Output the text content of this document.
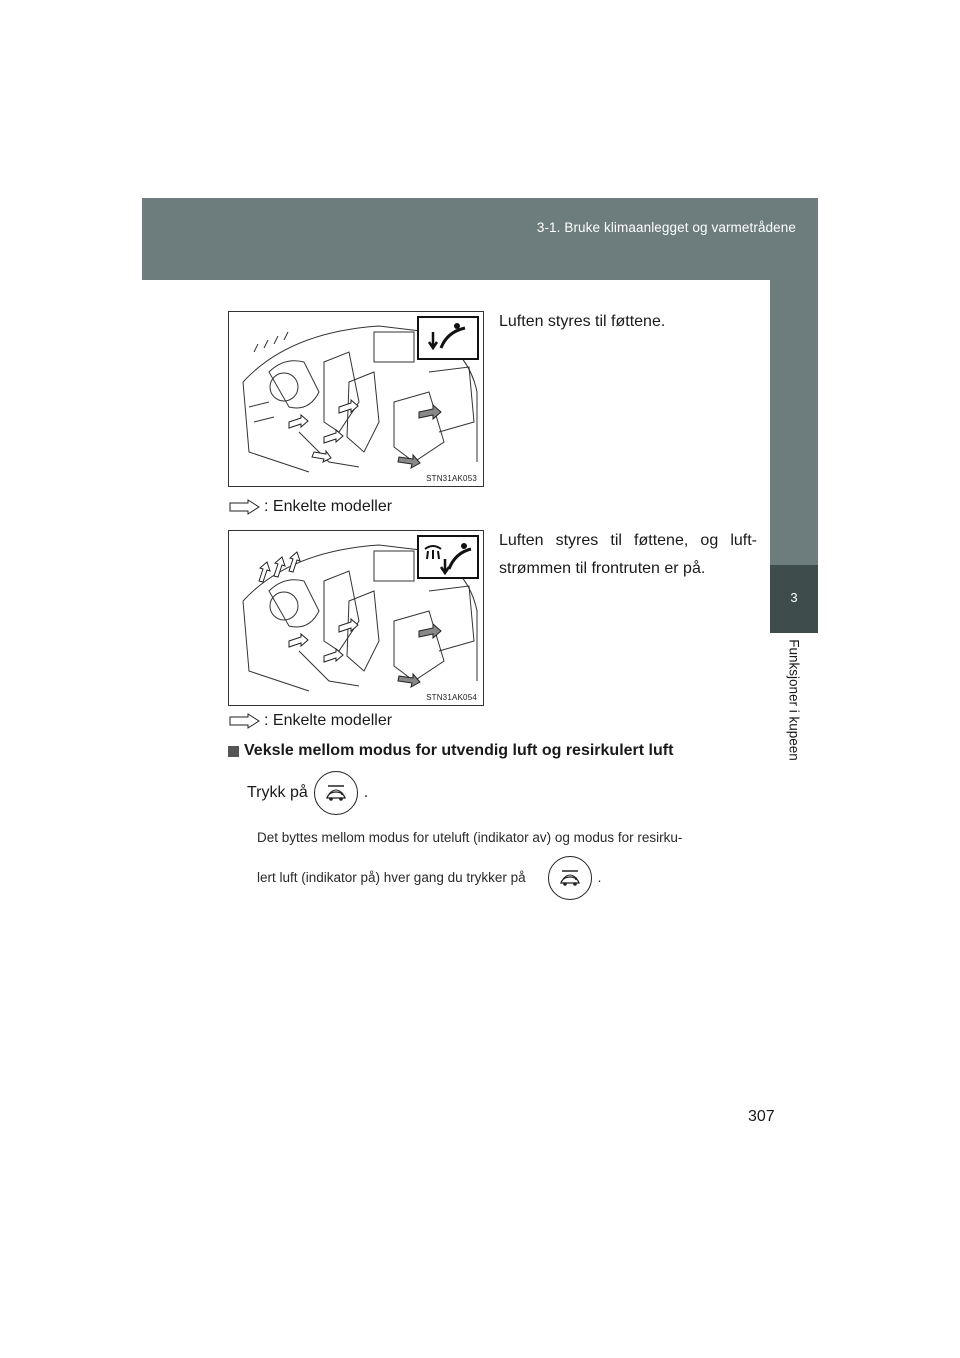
3-1. Bruke klimaanlegget og varmetrådene
3
Funksjoner i kupeen
STN31AK053
Luften styres til føttene.
: Enkelte modeller
STN31AK054
Luften styres til føttene, og luft-strømmen til frontruten er på.
: Enkelte modeller
Veksle mellom modus for utvendig luft og resirkulert luft
Trykk på	.
Det byttes mellom modus for uteluft (indikator av) og modus for resirku-
lert luft (indikator på) hver gang du trykker på	.
307
